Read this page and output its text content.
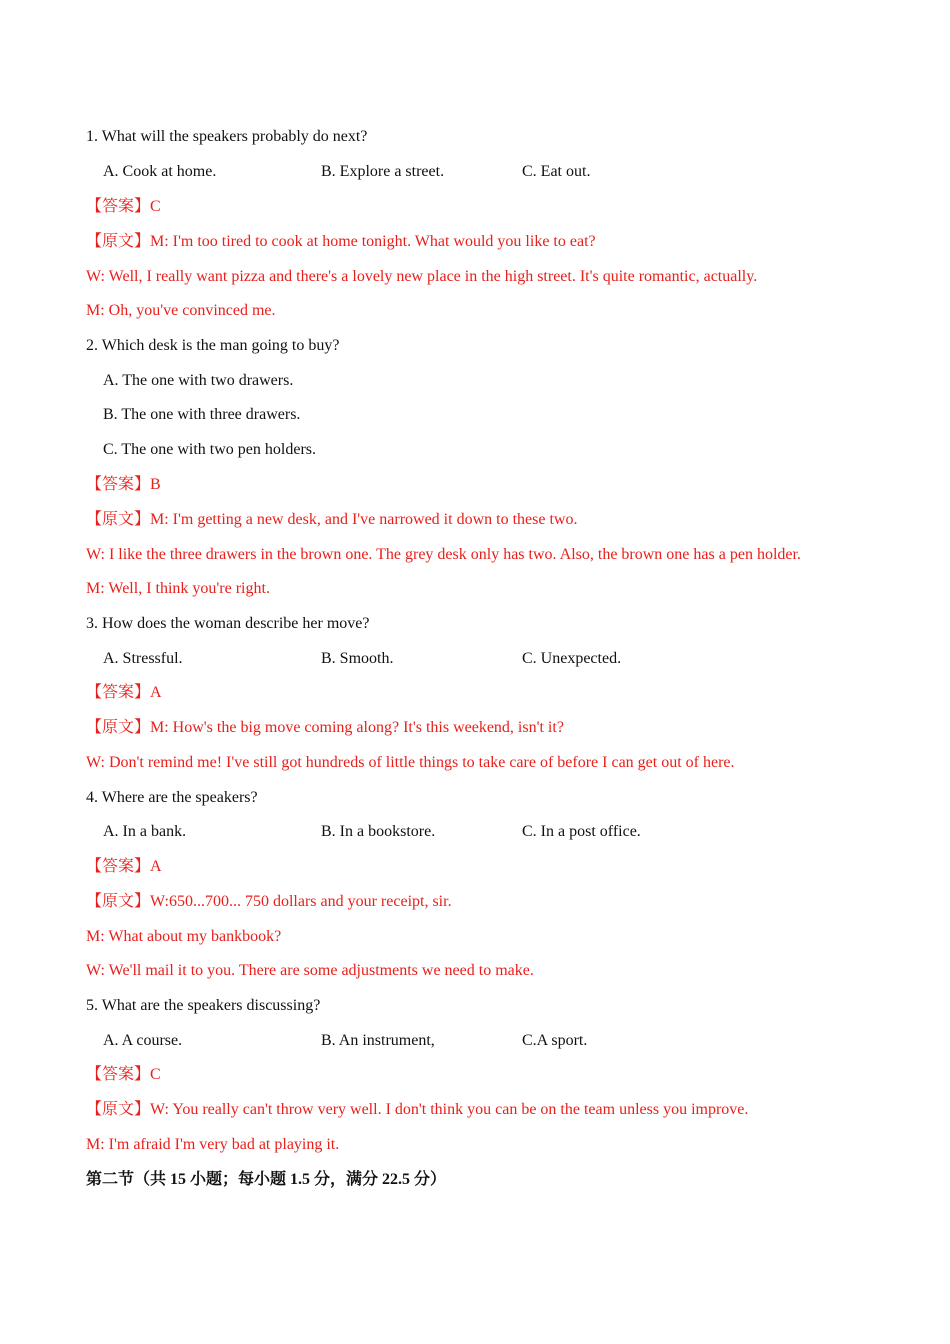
1. What will the speakers probably do next?
A. Cook at home.	B. Explore a street.	C. Eat out.
【答案】C
【原文】M: I'm too tired to cook at home tonight. What would you like to eat?
W: Well, I really want pizza and there's a lovely new place in the high street. It's quite romantic, actually.
M: Oh, you've convinced me.
2. Which desk is the man going to buy?
A. The one with two drawers.
B. The one with three drawers.
C. The one with two pen holders.
【答案】B
【原文】M: I'm getting a new desk, and I've narrowed it down to these two.
W: I like the three drawers in the brown one. The grey desk only has two. Also, the brown one has a pen holder.
M: Well, I think you're right.
3. How does the woman describe her move?
A. Stressful.	B. Smooth.	C. Unexpected.
【答案】A
【原文】M: How's the big move coming along? It's this weekend, isn't it?
W: Don't remind me! I've still got hundreds of little things to take care of before I can get out of here.
4. Where are the speakers?
A. In a bank.	B. In a bookstore.	C. In a post office.
【答案】A
【原文】W:650...700... 750 dollars and your receipt, sir.
M: What about my bankbook?
W: We'll mail it to you. There are some adjustments we need to make.
5. What are the speakers discussing?
A. A course.	B. An instrument,	C.A sport.
【答案】C
【原文】W: You really can't throw very well. I don't think you can be on the team unless you improve.
M: I'm afraid I'm very bad at playing it.
第二节（共 15 小题；每小题 1.5 分，满分 22.5 分）
